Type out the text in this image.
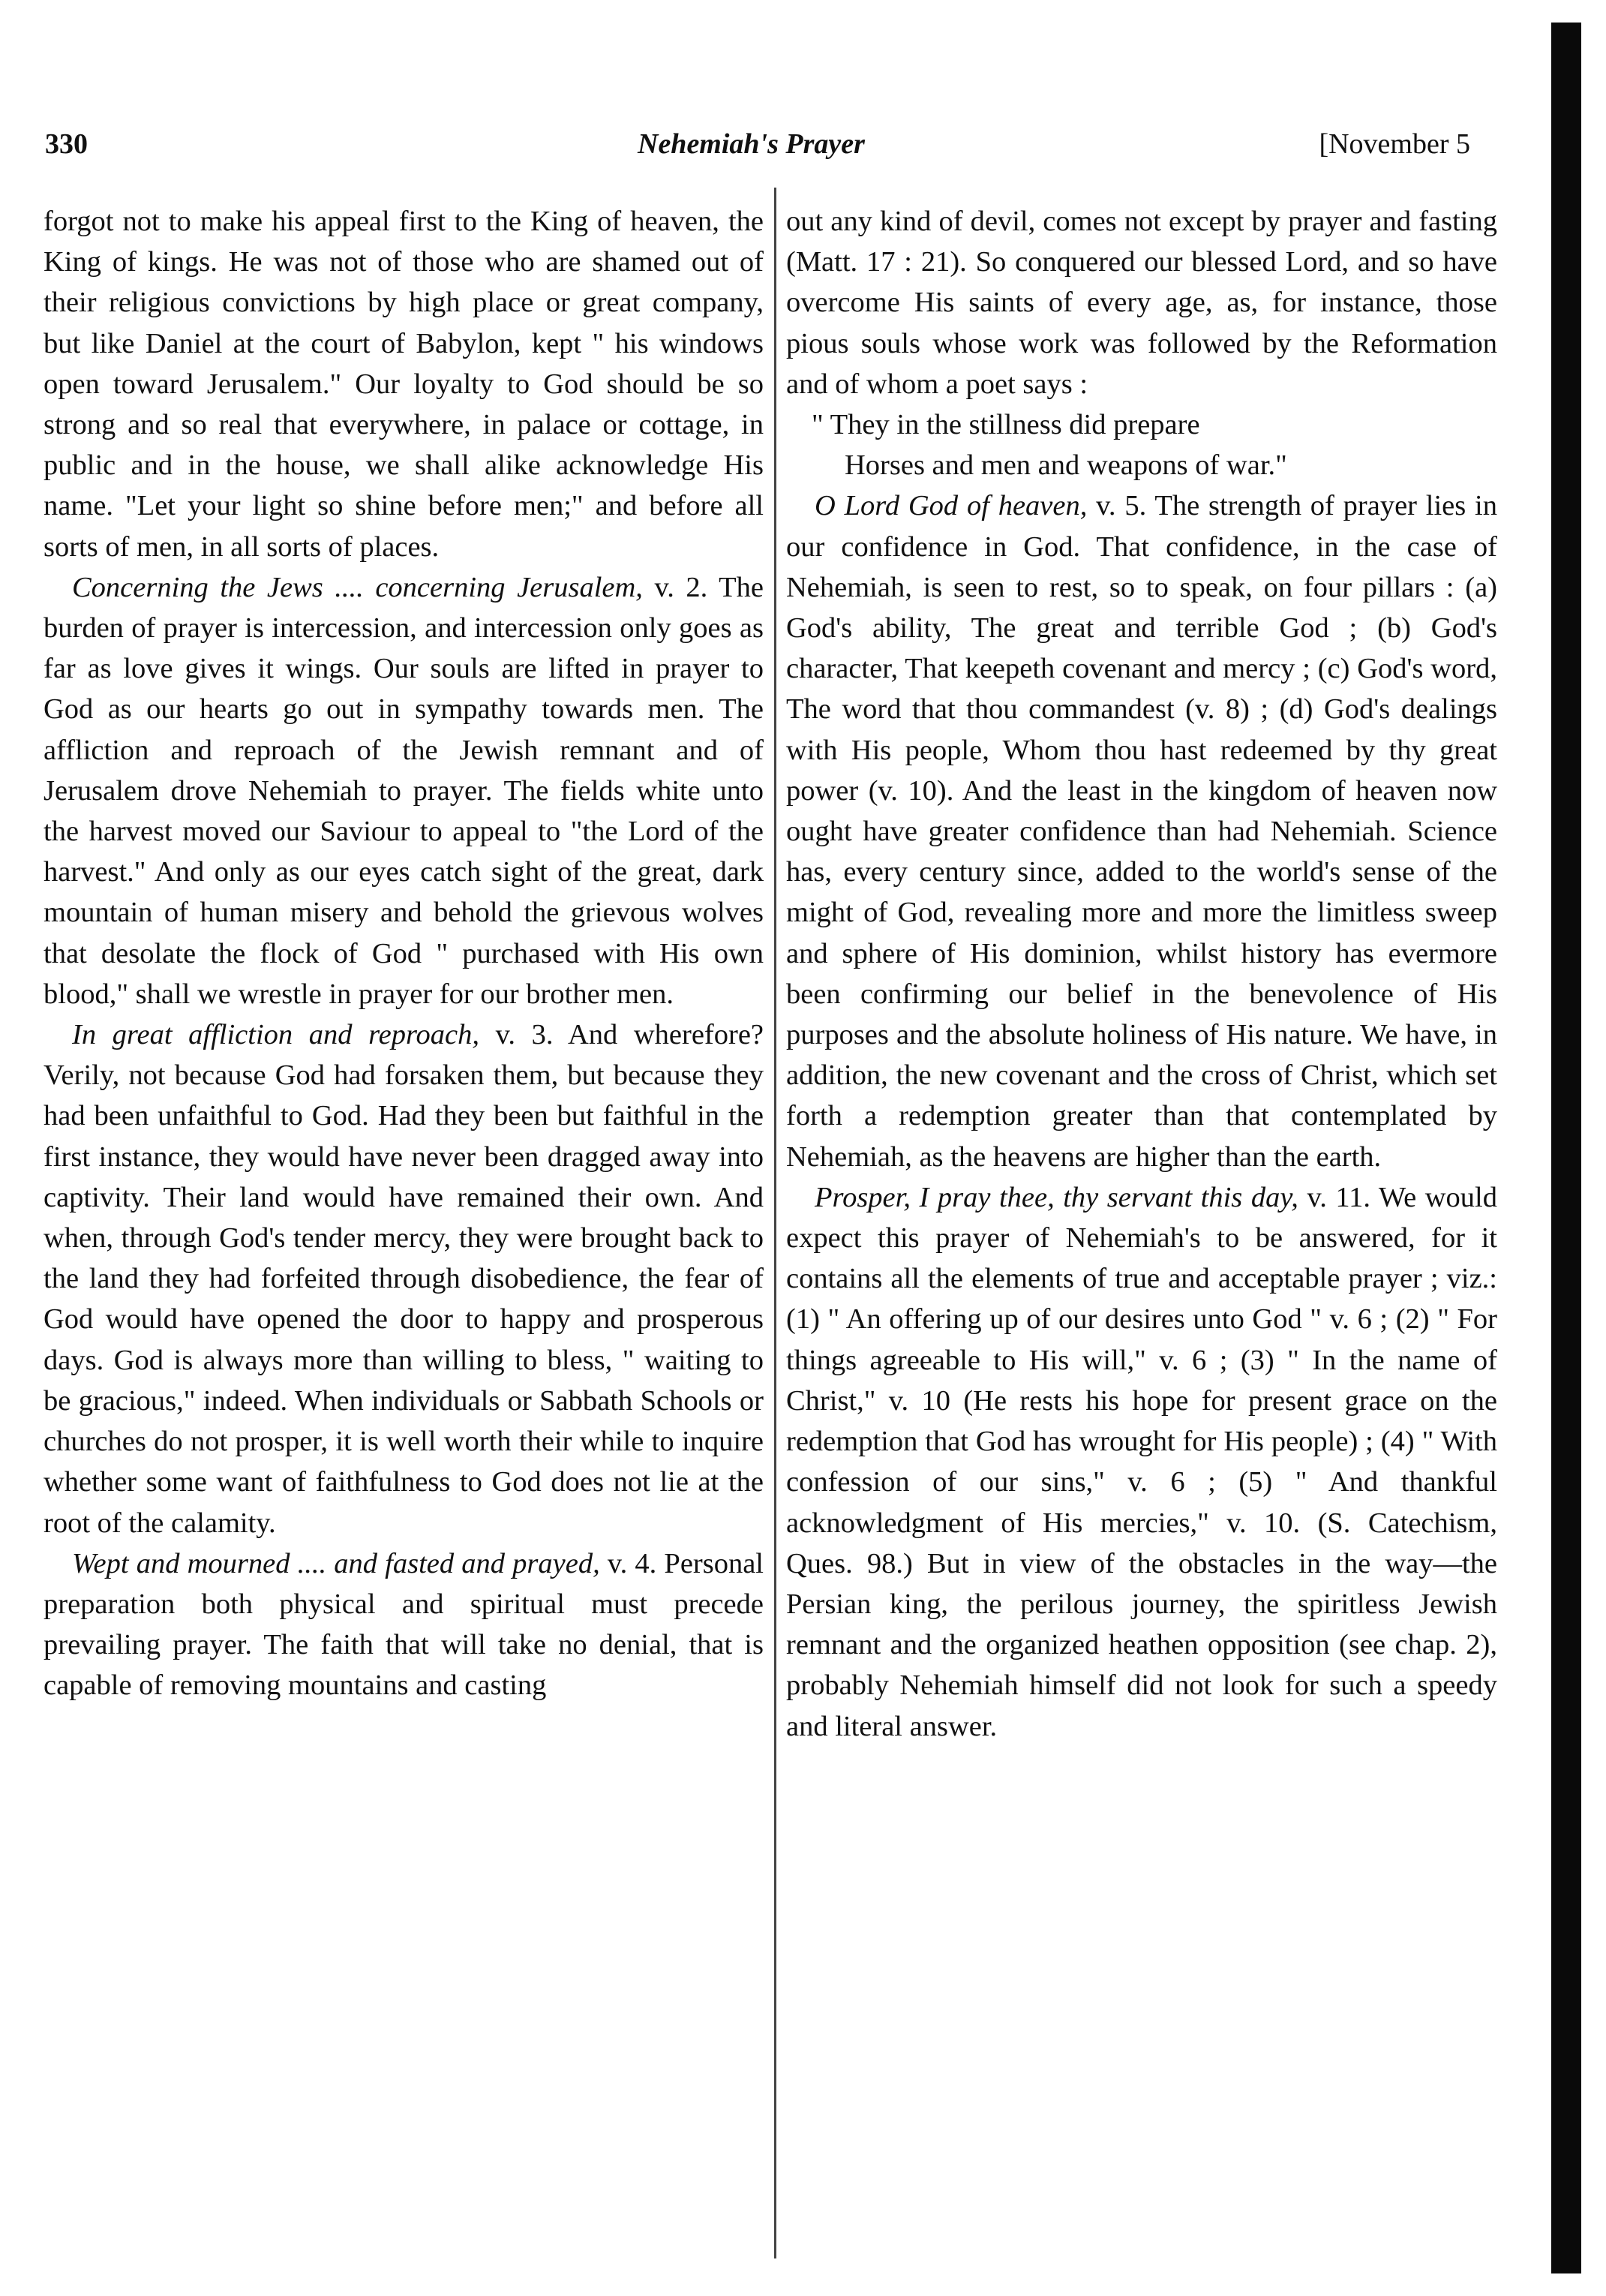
330	Nehemiah's Prayer	[November 5

forgot not to make his appeal first to the King of heaven, the King of kings. He was not of those who are shamed out of their religious convictions by high place or great company, but like Daniel at the court of Babylon, kept " his windows open toward Jerusalem." Our loyalty to God should be so strong and so real that everywhere, in palace or cottage, in public and in the house, we shall alike acknowledge His name. "Let your light so shine before men;" and before all sorts of men, in all sorts of places.

Concerning the Jews .... concerning Jerusalem, v. 2. The burden of prayer is intercession, and intercession only goes as far as love gives it wings. Our souls are lifted in prayer to God as our hearts go out in sympathy towards men. The affliction and reproach of the Jewish remnant and of Jerusalem drove Nehemiah to prayer. The fields white unto the harvest moved our Saviour to appeal to "the Lord of the harvest." And only as our eyes catch sight of the great, dark mountain of human misery and behold the grievous wolves that desolate the flock of God " purchased with His own blood," shall we wrestle in prayer for our brother men.

In great affliction and reproach, v. 3. And wherefore? Verily, not because God had forsaken them, but because they had been unfaithful to God. Had they been but faithful in the first instance, they would have never been dragged away into captivity. Their land would have remained their own. And when, through God's tender mercy, they were brought back to the land they had forfeited through disobedience, the fear of God would have opened the door to happy and prosperous days. God is always more than willing to bless, " waiting to be gracious," indeed. When individuals or Sabbath Schools or churches do not prosper, it is well worth their while to inquire whether some want of faithfulness to God does not lie at the root of the calamity.

Wept and mourned .... and fasted and prayed, v. 4. Personal preparation both physical and spiritual must precede prevailing prayer. The faith that will take no denial, that is capable of removing mountains and casting

out any kind of devil, comes not except by prayer and fasting (Matt. 17 : 21). So conquered our blessed Lord, and so have overcome His saints of every age, as, for instance, those pious souls whose work was followed by the Reformation and of whom a poet says :

" They in the stillness did prepare
Horses and men and weapons of war."

O Lord God of heaven, v. 5. The strength of prayer lies in our confidence in God. That confidence, in the case of Nehemiah, is seen to rest, so to speak, on four pillars : (a) God's ability, The great and terrible God ; (b) God's character, That keepeth covenant and mercy ; (c) God's word, The word that thou commandest (v. 8) ; (d) God's dealings with His people, Whom thou hast redeemed by thy great power (v. 10). And the least in the kingdom of heaven now ought have greater confidence than had Nehemiah. Science has, every century since, added to the world's sense of the might of God, revealing more and more the limitless sweep and sphere of His dominion, whilst history has evermore been confirming our belief in the benevolence of His purposes and the absolute holiness of His nature. We have, in addition, the new covenant and the cross of Christ, which set forth a redemption greater than that contemplated by Nehemiah, as the heavens are higher than the earth.

Prosper, I pray thee, thy servant this day, v. 11. We would expect this prayer of Nehemiah's to be answered, for it contains all the elements of true and acceptable prayer ; viz.: (1) " An offering up of our desires unto God " v. 6 ; (2) " For things agreeable to His will," v. 6 ; (3) " In the name of Christ," v. 10 (He rests his hope for present grace on the redemption that God has wrought for His people) ; (4) " With confession of our sins," v. 6 ; (5) " And thankful acknowledgment of His mercies," v. 10. (S. Catechism, Ques. 98.) But in view of the obstacles in the way—the Persian king, the perilous journey, the spiritless Jewish remnant and the organized heathen opposition (see chap. 2), probably Nehemiah himself did not look for such a speedy and literal answer.
